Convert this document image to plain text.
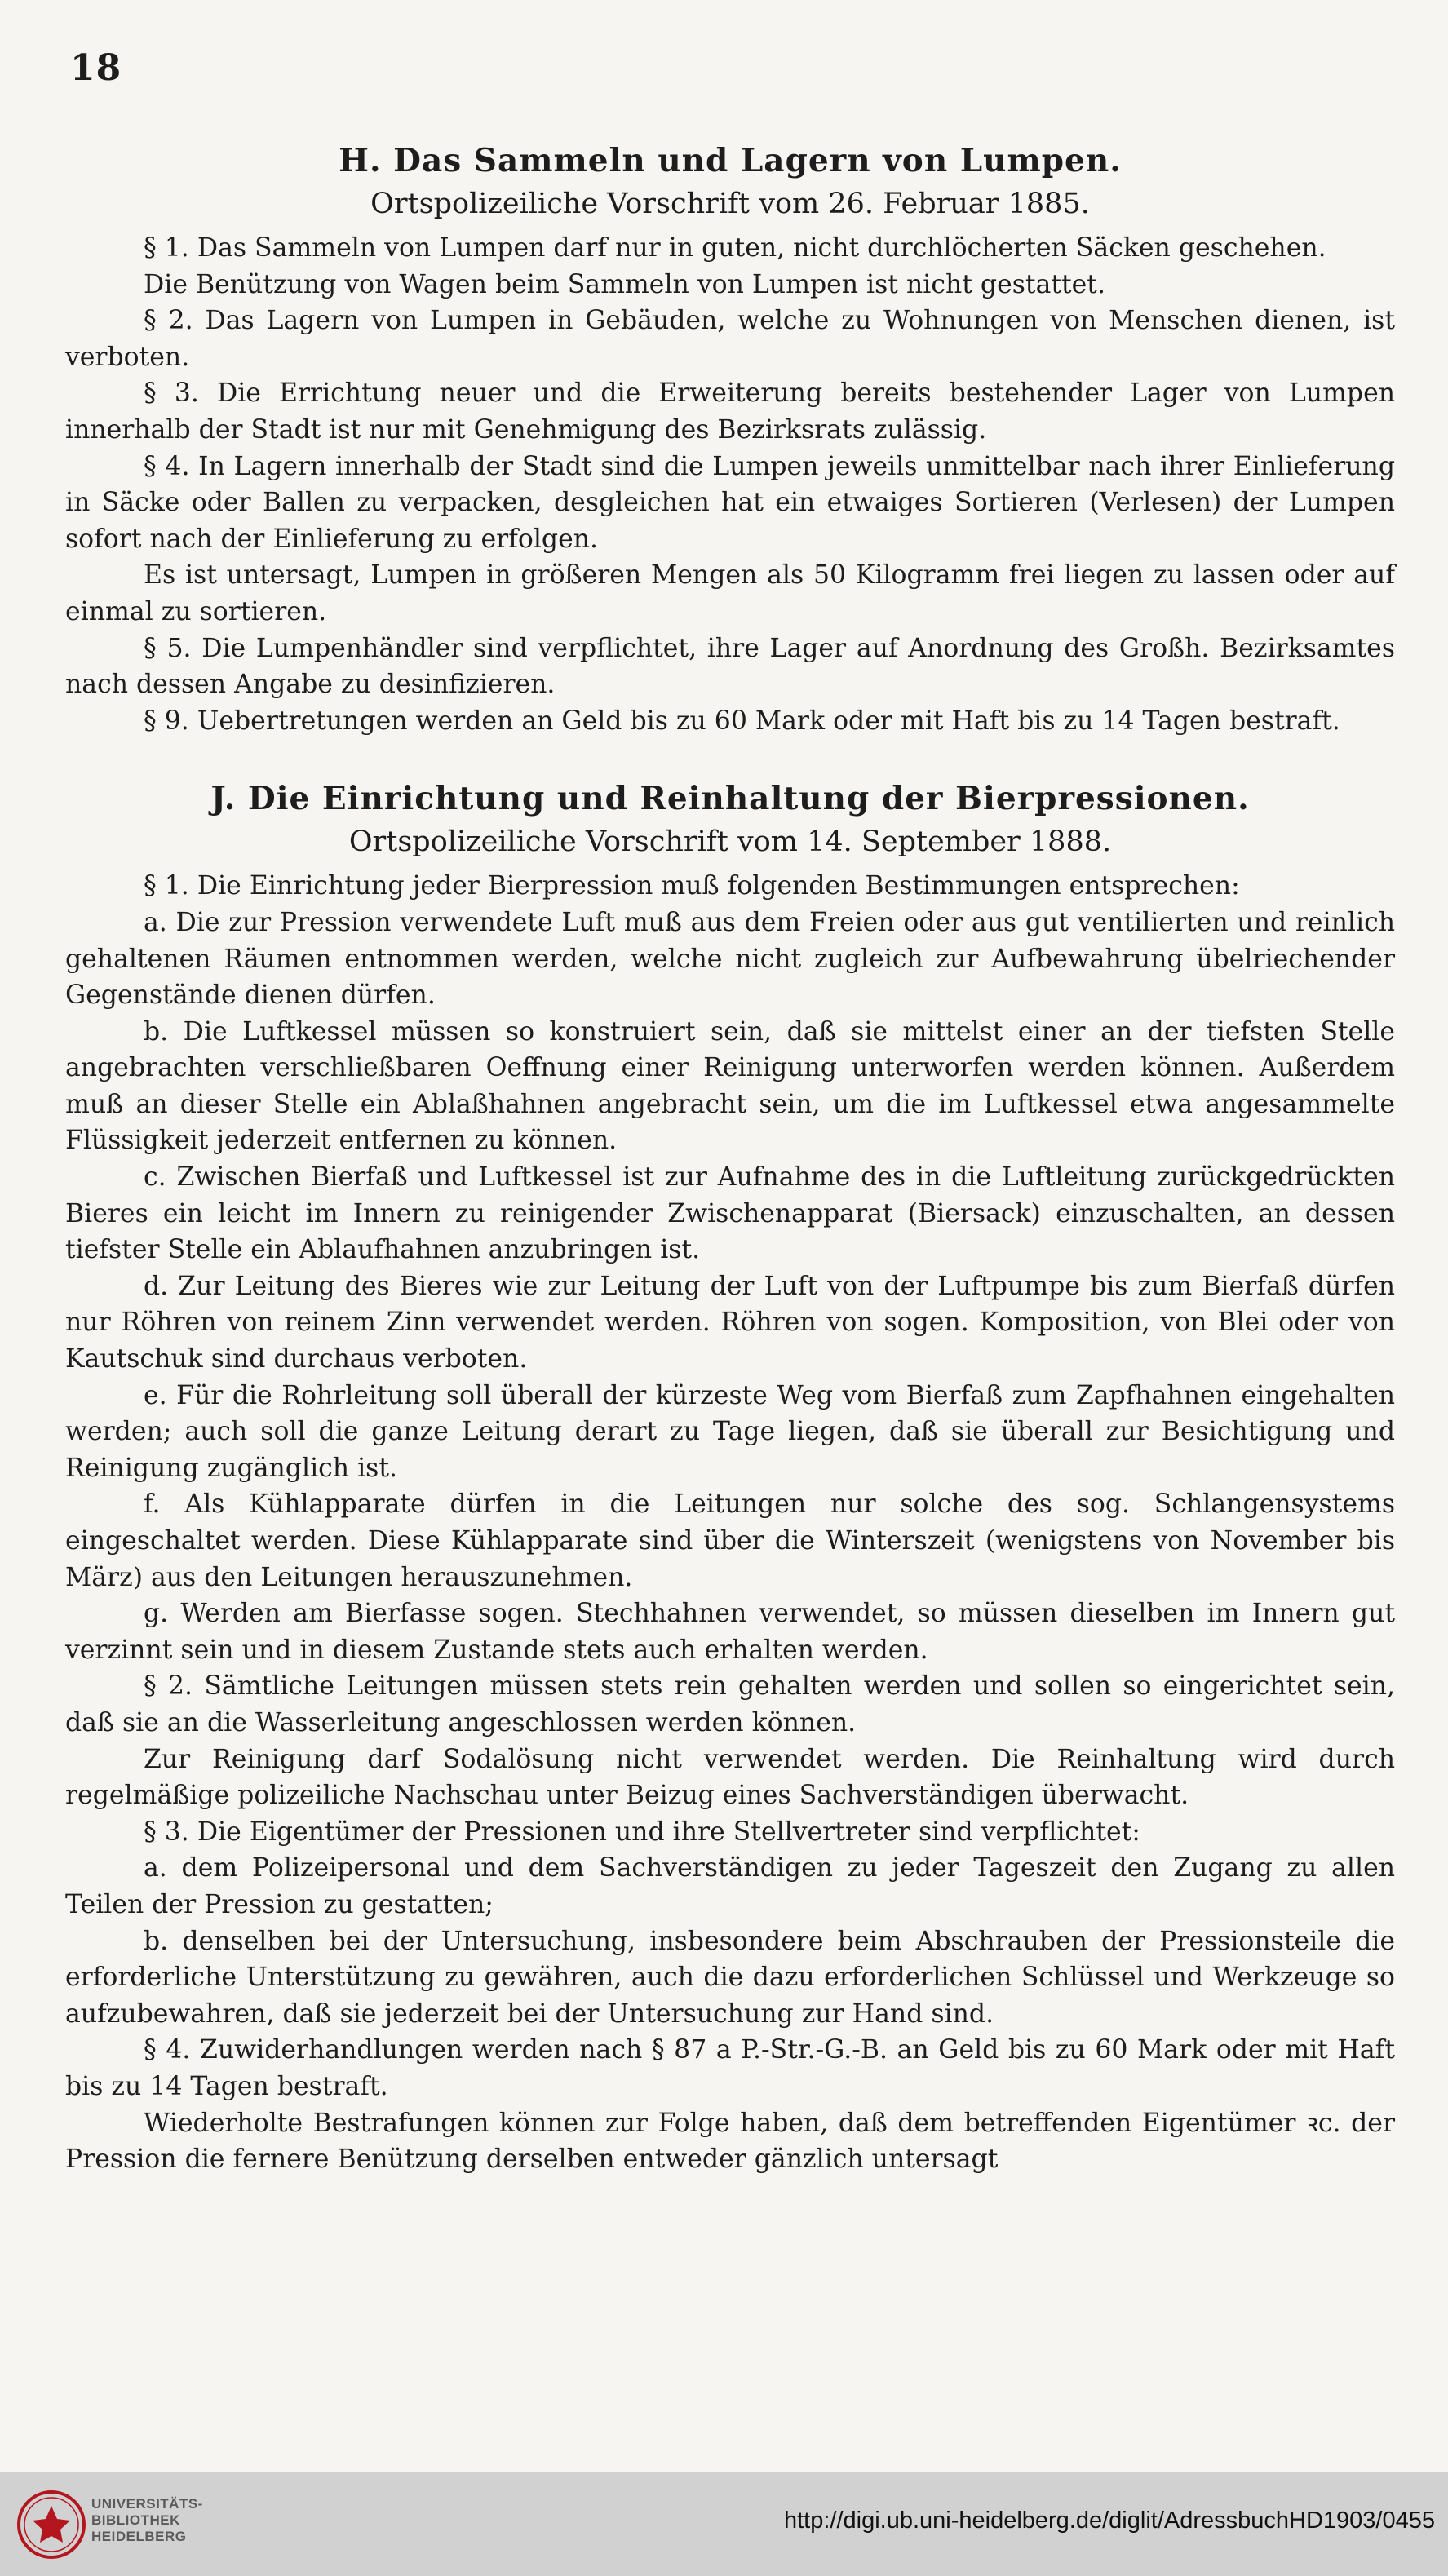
18
H. Das Sammeln und Lagern von Lumpen.

Ortspolizeiliche Vorschrift vom 26. Februar 1885.

§ 1. Das Sammeln von Lumpen darf nur in guten, nicht durchlöcherten Säcken geschehen.

Die Benützung von Wagen beim Sammeln von Lumpen ist nicht gestattet.

§ 2. Das Lagern von Lumpen in Gebäuden, welche zu Wohnungen von Menschen dienen, ist verboten.

§ 3. Die Errichtung neuer und die Erweiterung bereits bestehender Lager von Lumpen innerhalb der Stadt ist nur mit Genehmigung des Bezirksrats zulässig.

§ 4. In Lagern innerhalb der Stadt sind die Lumpen jeweils unmittelbar nach ihrer Einlieferung in Säcke oder Ballen zu verpacken, desgleichen hat ein etwaiges Sortieren (Verlesen) der Lumpen sofort nach der Einlieferung zu erfolgen.

Es ist untersagt, Lumpen in größeren Mengen als 50 Kilogramm frei liegen zu lassen oder auf einmal zu sortieren.

§ 5. Die Lumpenhändler sind verpflichtet, ihre Lager auf Anordnung des Großh. Bezirksamtes nach dessen Angabe zu desinfizieren.

§ 9. Uebertretungen werden an Geld bis zu 60 Mark oder mit Haft bis zu 14 Tagen bestraft.

J. Die Einrichtung und Reinhaltung der Bierpressionen.

Ortspolizeiliche Vorschrift vom 14. September 1888.

§ 1. Die Einrichtung jeder Bierpression muß folgenden Bestimmungen entsprechen:

a. Die zur Pression verwendete Luft muß aus dem Freien oder aus gut ventilierten und reinlich gehaltenen Räumen entnommen werden, welche nicht zugleich zur Aufbewahrung übelriechender Gegenstände dienen dürfen.

b. Die Luftkessel müssen so konstruiert sein, daß sie mittelst einer an der tiefsten Stelle angebrachten verschließbaren Oeffnung einer Reinigung unterworfen werden können. Außerdem muß an dieser Stelle ein Ablaßhahnen angebracht sein, um die im Luftkessel etwa angesammelte Flüssigkeit jederzeit entfernen zu können.

c. Zwischen Bierfaß und Luftkessel ist zur Aufnahme des in die Luftleitung zurückgedrückten Bieres ein leicht im Innern zu reinigender Zwischenapparat (Biersack) einzuschalten, an dessen tiefster Stelle ein Ablaufhahnen anzubringen ist.

d. Zur Leitung des Bieres wie zur Leitung der Luft von der Luftpumpe bis zum Bierfaß dürfen nur Röhren von reinem Zinn verwendet werden. Röhren von sogen. Komposition, von Blei oder von Kautschuk sind durchaus verboten.

e. Für die Rohrleitung soll überall der kürzeste Weg vom Bierfaß zum Zapfhahnen eingehalten werden; auch soll die ganze Leitung derart zu Tage liegen, daß sie überall zur Besichtigung und Reinigung zugänglich ist.

f. Als Kühlapparate dürfen in die Leitungen nur solche des sog. Schlangensystems eingeschaltet werden. Diese Kühlapparate sind über die Winterszeit (wenigstens von November bis März) aus den Leitungen herauszunehmen.

g. Werden am Bierfasse sogen. Stechhahnen verwendet, so müssen dieselben im Innern gut verzinnt sein und in diesem Zustande stets auch erhalten werden.

§ 2. Sämtliche Leitungen müssen stets rein gehalten werden und sollen so eingerichtet sein, daß sie an die Wasserleitung angeschlossen werden können.

Zur Reinigung darf Sodalösung nicht verwendet werden. Die Reinhaltung wird durch regelmäßige polizeiliche Nachschau unter Beizug eines Sachverständigen überwacht.

§ 3. Die Eigentümer der Pressionen und ihre Stellvertreter sind verpflichtet:

a. dem Polizeipersonal und dem Sachverständigen zu jeder Tageszeit den Zugang zu allen Teilen der Pression zu gestatten;

b. denselben bei der Untersuchung, insbesondere beim Abschrauben der Pressionsteile die erforderliche Unterstützung zu gewähren, auch die dazu erforderlichen Schlüssel und Werkzeuge so aufzubewahren, daß sie jederzeit bei der Untersuchung zur Hand sind.

§ 4. Zuwiderhandlungen werden nach § 87 a P.-Str.-G.-B. an Geld bis zu 60 Mark oder mit Haft bis zu 14 Tagen bestraft.

Wiederholte Bestrafungen können zur Folge haben, daß dem betreffenden Eigentümer ꝛc. der Pression die fernere Benützung derselben entweder gänzlich untersagt

UNIVERSITÄTS-
BIBLIOTHEK
HEIDELBERG
http://digi.ub.uni-heidelberg.de/diglit/AdressbuchHD1903/0455
